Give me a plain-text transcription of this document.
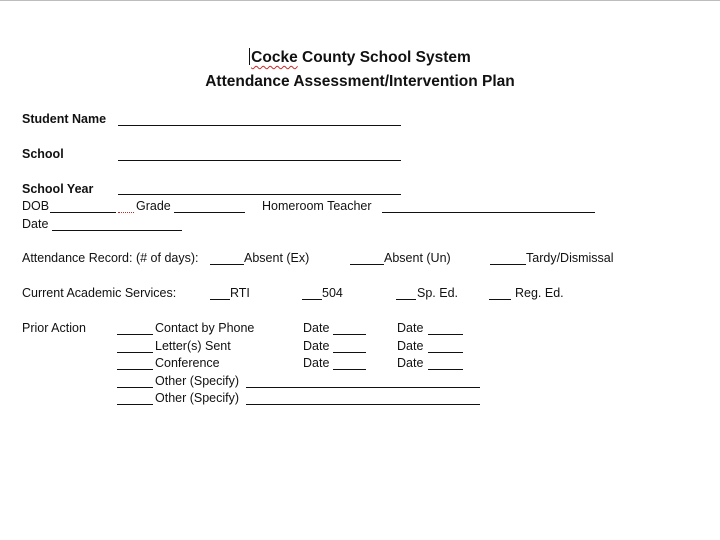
Cocke County School System
Attendance Assessment/Intervention Plan
Student Name
School
School Year
DOB	Grade	Homeroom Teacher
Date
Attendance Record: (# of days):	Absent (Ex)	Absent (Un)	Tardy/Dismissal
Current Academic Services:	RTI	504	Sp. Ed.	Reg. Ed.
Prior Action	Contact by Phone	Date	Date
Letter(s) Sent	Date	Date
Conference	Date	Date
Other (Specify)
Other (Specify)
